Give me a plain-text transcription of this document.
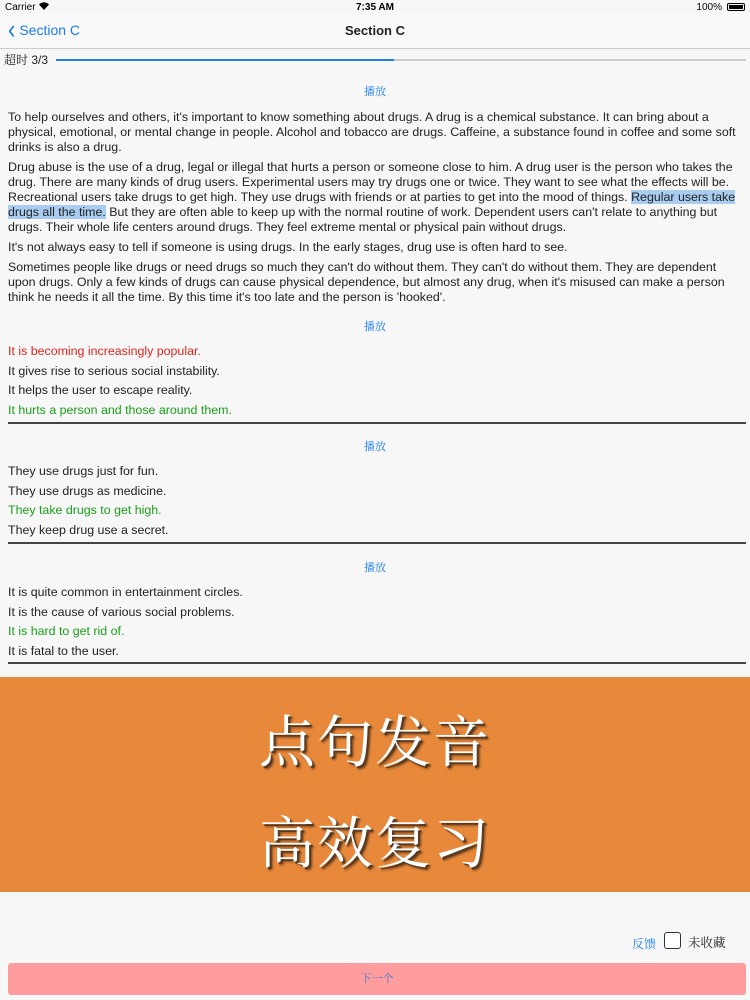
Carrier	7:35 AM	100%
‹ Section C	Section C
超时 3/3
播放

To help ourselves and others, it's important to know something about drugs. A drug is a chemical substance. It can bring about a physical, emotional, or mental change in people. Alcohol and tobacco are drugs. Caffeine, a substance found in coffee and some soft drinks is also a drug.

Drug abuse is the use of a drug, legal or illegal that hurts a person or someone close to him. A drug user is the person who takes the drug. There are many kinds of drug users. Experimental users may try drugs one or twice. They want to see what the effects will be. Recreational users take drugs to get high. They use drugs with friends or at parties to get into the mood of things. Regular users take drugs all the time. But they are often able to keep up with the normal routine of work. Dependent users can't relate to anything but drugs. Their whole life centers around drugs. They feel extreme mental or physical pain without drugs.

It's not always easy to tell if someone is using drugs. In the early stages, drug use is often hard to see.

Sometimes people like drugs or need drugs so much they can't do without them. They can't do without them. They are dependent upon drugs. Only a few kinds of drugs can cause physical dependence, but almost any drug, when it's misused can make a person think he needs it all the time. By this time it's too late and the person is 'hooked'.

播放
It is becoming increasingly popular.
It gives rise to serious social instability.
It helps the user to escape reality.
It hurts a person and those around them.
播放
They use drugs just for fun.
They use drugs as medicine.
They take drugs to get high.
They keep drug use a secret.
播放
It is quite common in entertainment circles.
It is the cause of various social problems.
It is hard to get rid of.
It is fatal to the user.
点句发音
高效复习
反馈	未收藏
下一个
